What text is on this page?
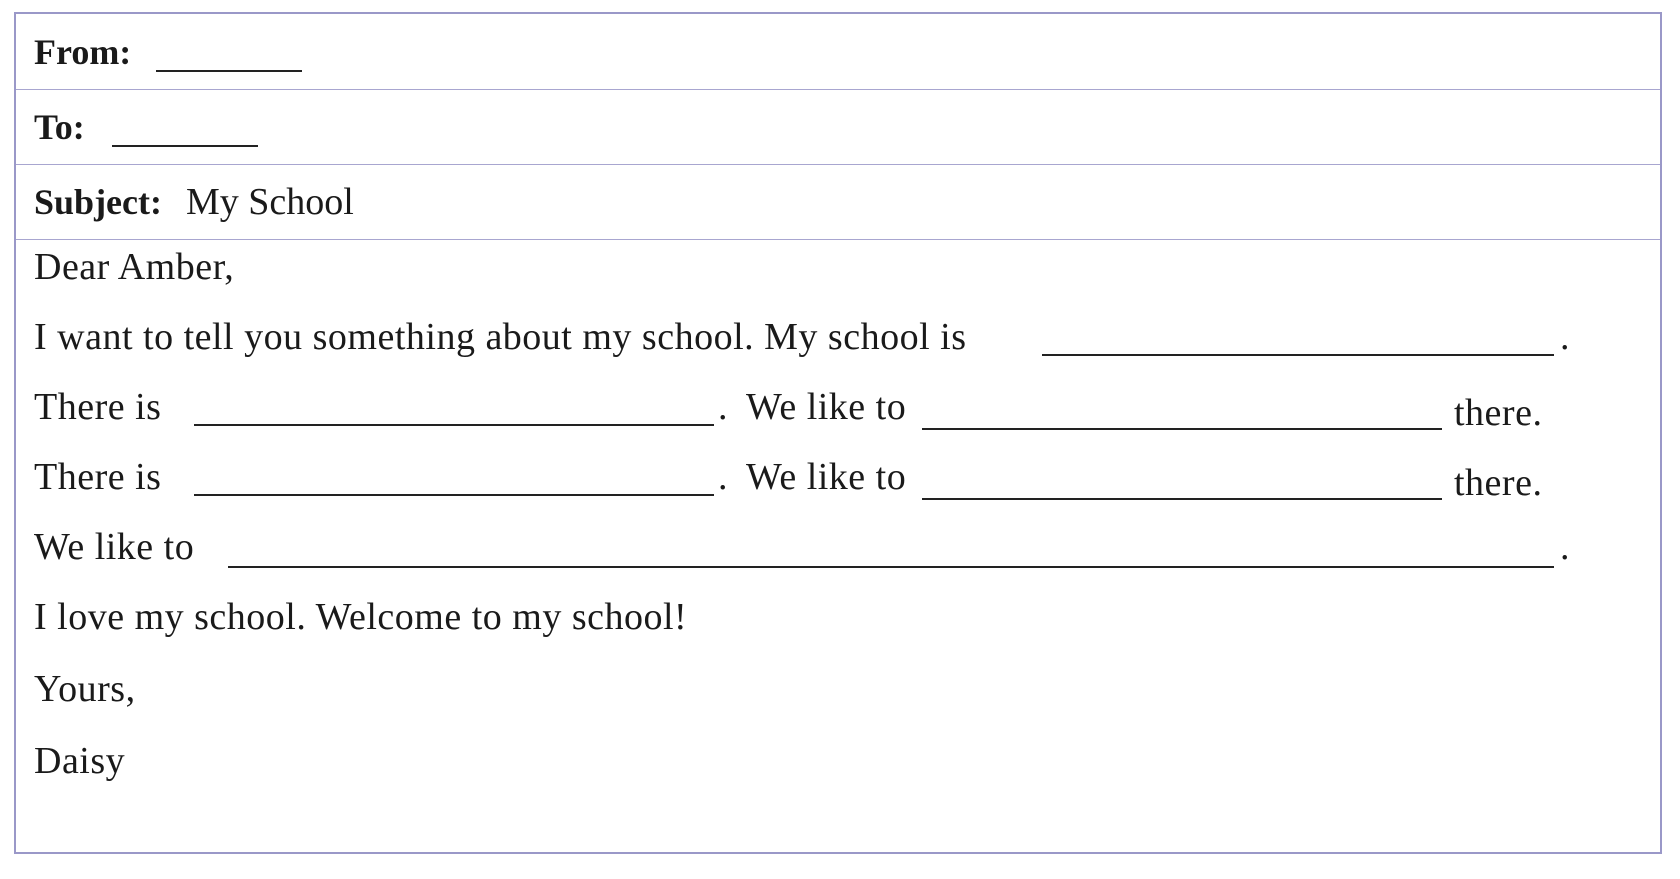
From:
To:
Subject: My School
Dear Amber,
I want to tell you something about my school. My school is	.
There is	. We like to	there.
There is	. We like to	there.
We like to	.
I love my school. Welcome to my school!
Yours,
Daisy
